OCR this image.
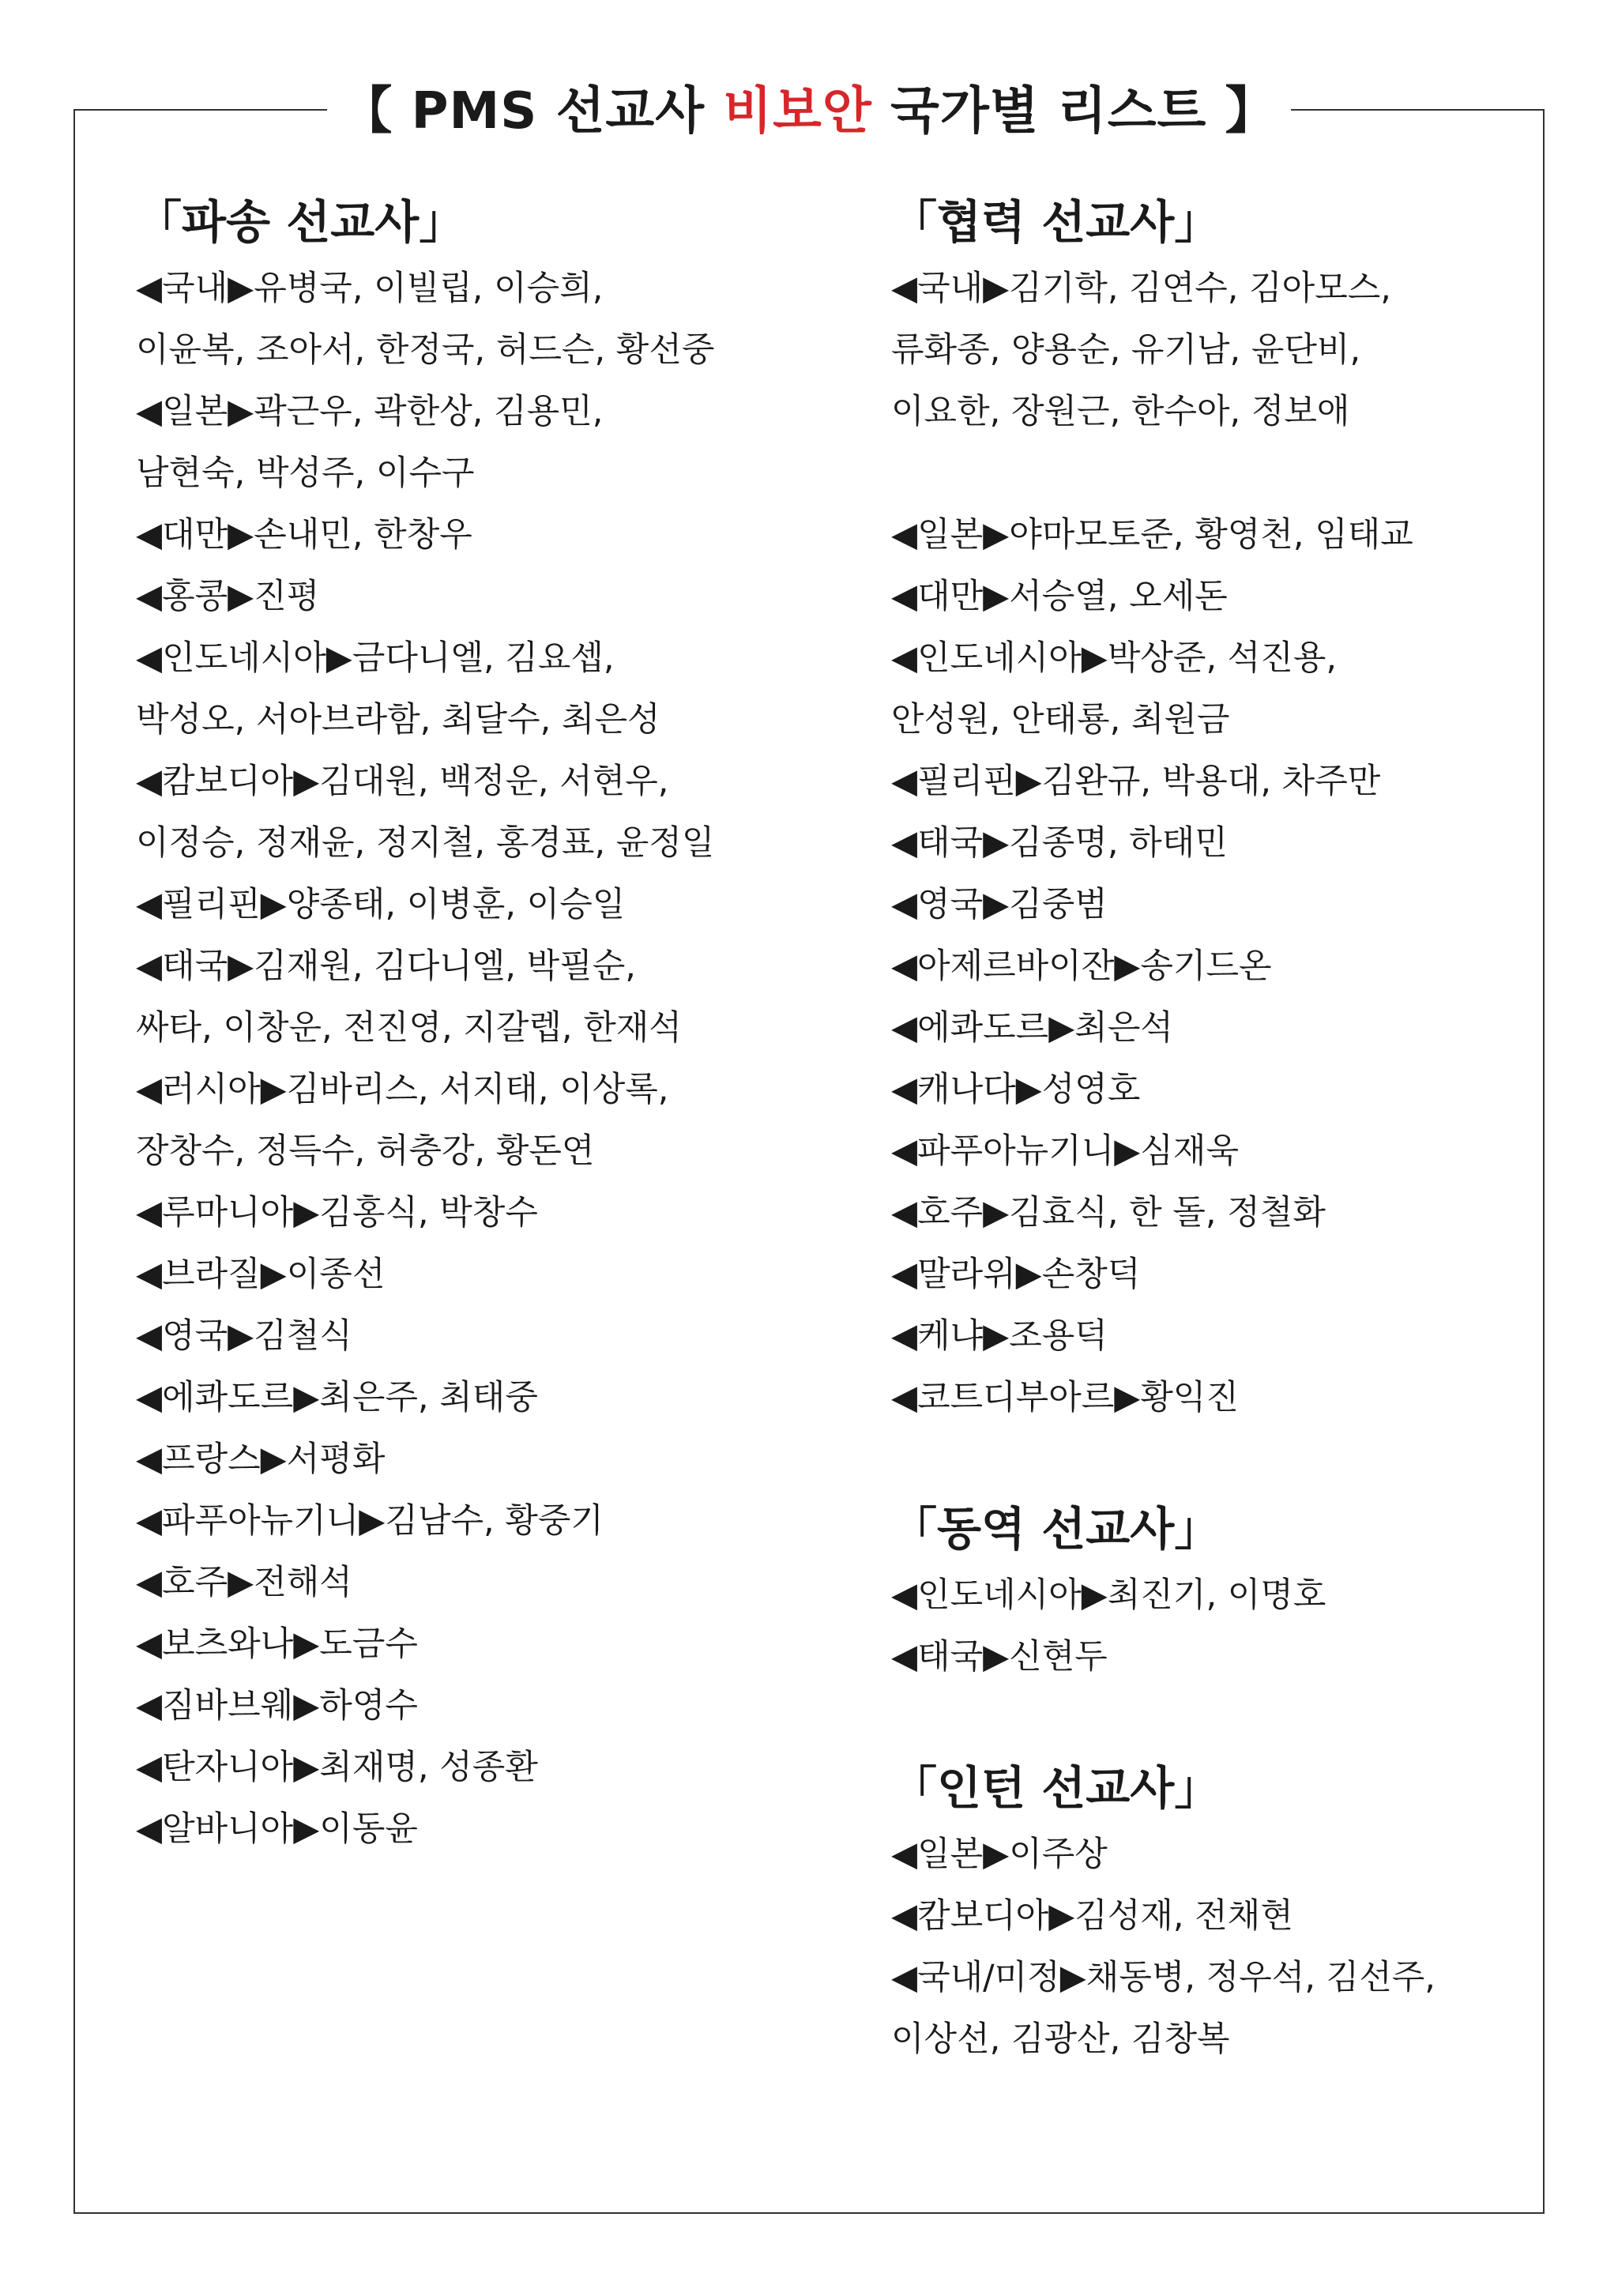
【 PMS 선교사 비보안 국가별 리스트 】
「파송 선교사」
◀국내▶유병국, 이빌립, 이승희,
이윤복, 조아서, 한정국, 허드슨, 황선중
◀일본▶곽근우, 곽한상, 김용민,
남현숙, 박성주, 이수구
◀대만▶손내민, 한창우
◀홍콩▶진평
◀인도네시아▶금다니엘, 김요셉,
박성오, 서아브라함, 최달수, 최은성
◀캄보디아▶김대원, 백정운, 서현우,
이정승, 정재윤, 정지철, 홍경표, 윤정일
◀필리핀▶양종태, 이병훈, 이승일
◀태국▶김재원, 김다니엘, 박필순,
싸타, 이창운, 전진영, 지갈렙, 한재석
◀러시아▶김바리스, 서지태, 이상록,
장창수, 정득수, 허충강, 황돈연
◀루마니아▶김홍식, 박창수
◀브라질▶이종선
◀영국▶김철식
◀에콰도르▶최은주, 최태중
◀프랑스▶서평화
◀파푸아뉴기니▶김남수, 황중기
◀호주▶전해석
◀보츠와나▶도금수
◀짐바브웨▶하영수
◀탄자니아▶최재명, 성종환
◀알바니아▶이동윤
「협력 선교사」
◀국내▶김기학, 김연수, 김아모스,
류화종, 양용순, 유기남, 윤단비,
이요한, 장원근, 한수아, 정보애
◀일본▶야마모토준, 황영천, 임태교
◀대만▶서승열, 오세돈
◀인도네시아▶박상준, 석진용,
안성원, 안태룡, 최원금
◀필리핀▶김완규, 박용대, 차주만
◀태국▶김종명, 하태민
◀영국▶김중범
◀아제르바이잔▶송기드온
◀에콰도르▶최은석
◀캐나다▶성영호
◀파푸아뉴기니▶심재욱
◀호주▶김효식, 한 돌, 정철화
◀말라위▶손창덕
◀케냐▶조용덕
◀코트디부아르▶황익진
「동역 선교사」
◀인도네시아▶최진기, 이명호
◀태국▶신현두
「인턴 선교사」
◀일본▶이주상
◀캄보디아▶김성재, 전채현
◀국내/미정▶채동병, 정우석, 김선주,
이상선, 김광산, 김창복
